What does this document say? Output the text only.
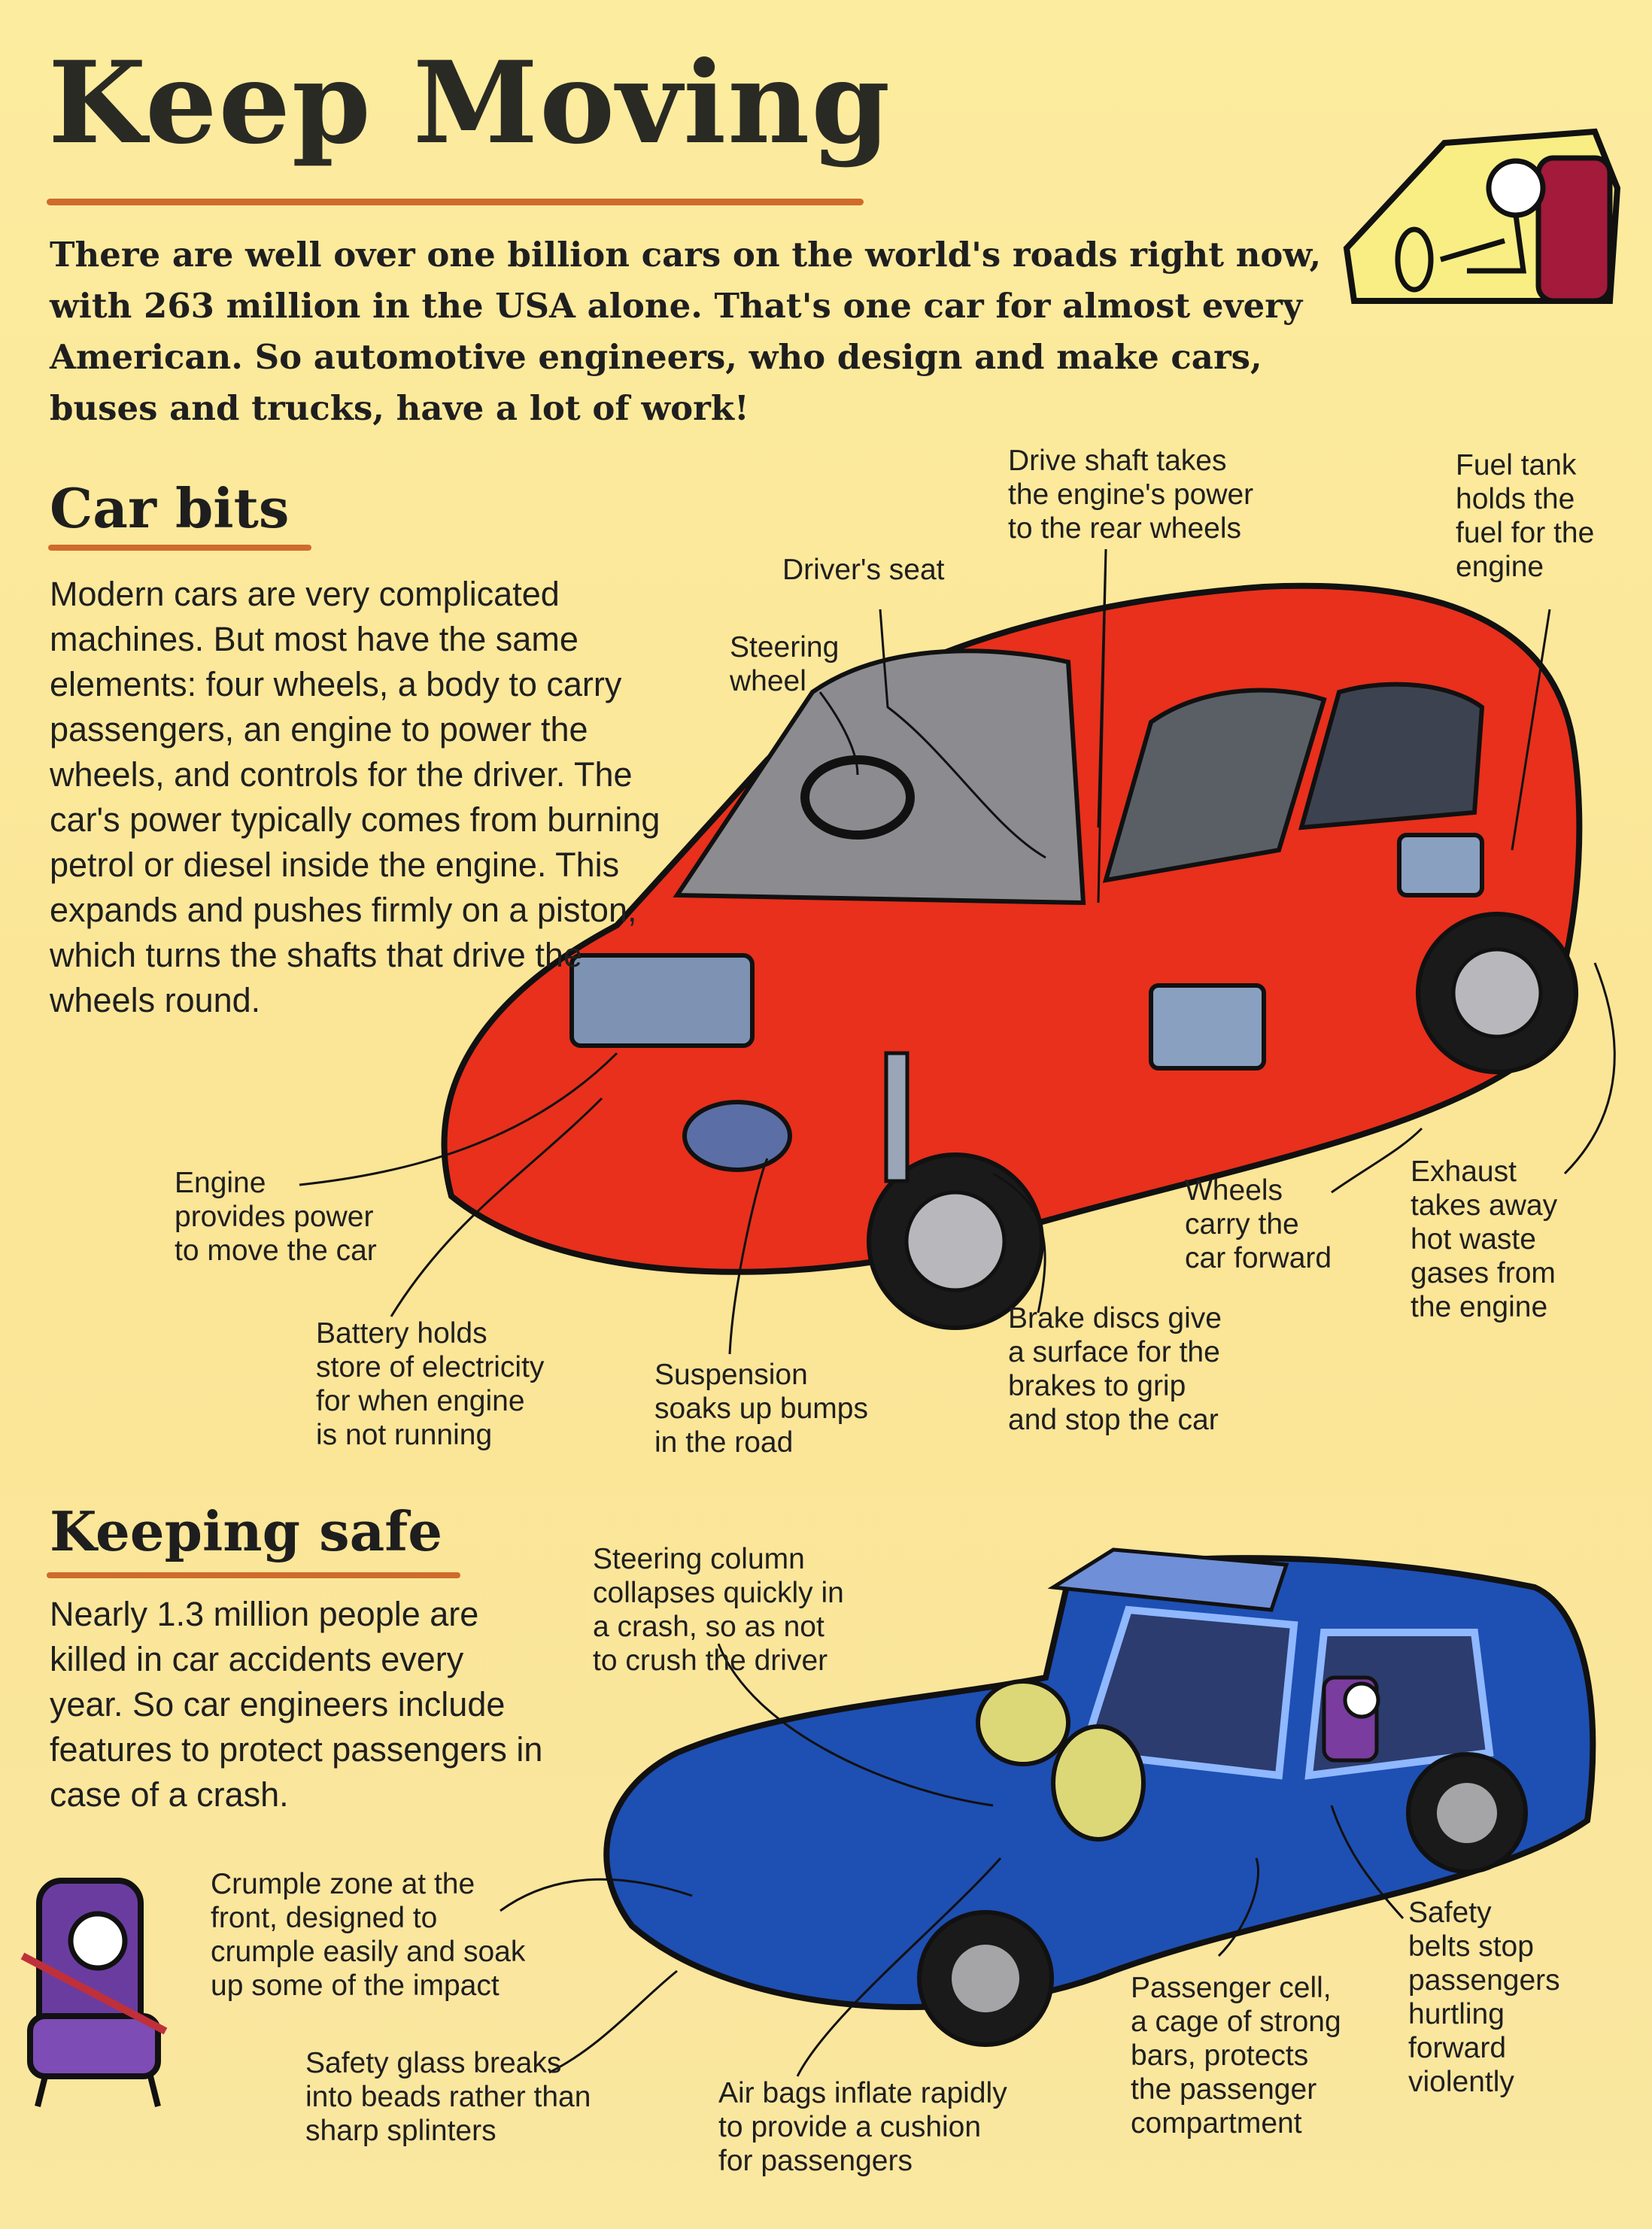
Keep Moving
There are well over one billion cars on the world's roads right now, with 263 million in the USA alone. That's one car for almost every American. So automotive engineers, who design and make cars, buses and trucks, have a lot of work!
Car bits
Modern cars are very complicated machines. But most have the same elements: four wheels, a body to carry passengers, an engine to power the wheels, and controls for the driver. The car's power typically comes from burning petrol or diesel inside the engine. This expands and pushes firmly on a piston, which turns the shafts that drive the wheels round.
Drive shaft takes
the engine's power
to the rear wheels
Fuel tank
holds the
fuel for the
engine
Driver's seat
Steering
wheel
Engine
provides power
to move the car
Battery holds
store of electricity
for when engine
is not running
Suspension
soaks up bumps
in the road
Brake discs give
a surface for the
brakes to grip
and stop the car
Wheels
carry the
car forward
Exhaust
takes away
hot waste
gases from
the engine
Keeping safe
Nearly 1.3 million people are killed in car accidents every year. So car engineers include features to protect passengers in case of a crash.
Steering column
collapses quickly in
a crash, so as not
to crush the driver
Crumple zone at the
front, designed to
crumple easily and soak
up some of the impact
Safety glass breaks
into beads rather than
sharp splinters
Air bags inflate rapidly
to provide a cushion
for passengers
Passenger cell,
a cage of strong
bars, protects
the passenger
compartment
Safety
belts stop
passengers
hurtling
forward
violently
